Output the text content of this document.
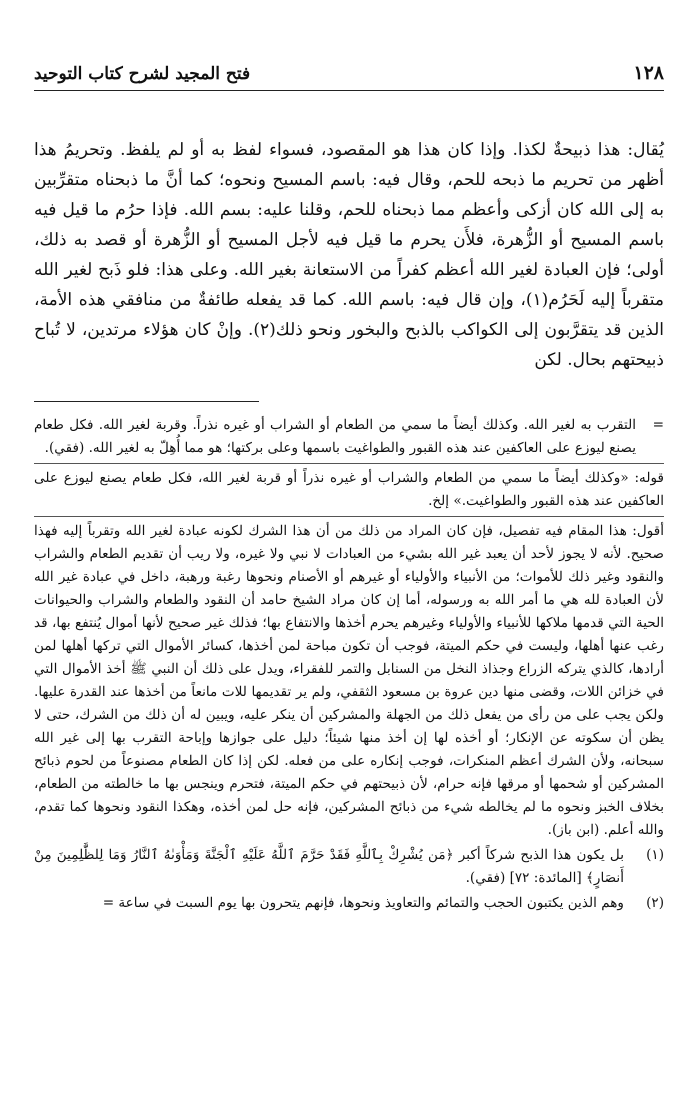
١٢٨
فتح المجيد لشرح كتاب التوحيد

يُقال: هذا ذبيحةٌ لكذا. وإذا كان هذا هو المقصود، فسواء لفظ به أو لم يلفظ. وتحريمُ هذا أظهر من تحريم ما ذبحه للحم، وقال فيه: باسم المسيح ونحوه؛ كما أنَّ ما ذبحناه متقرِّبين به إلى الله كان أزكى وأعظم مما ذبحناه للحم، وقلنا عليه: بسم الله. فإذا حرُم ما قيل فيه باسم المسيح أو الزُّهرة، فلأَن يحرم ما قيل فيه لأجل المسيح أو الزُّهرة أو قصد به ذلك، أولى؛ فإن العبادة لغير الله أعظم كفراً من الاستعانة بغير الله. وعلى هذا: فلو ذَبح لغير الله متقرباً إليه لَحَرُم(١)، وإن قال فيه: باسم الله. كما قد يفعله طائفةٌ من منافقي هذه الأمة، الذين قد يتقرَّبون إلى الكواكب بالذبح والبخور ونحو ذلك(٢). وإنْ كان هؤلاء مرتدين، لا تُباح ذبيحتهم بحال. لكن

=

التقرب به لغير الله. وكذلك أيضاً ما سمي من الطعام أو الشراب أو غيره نذراً. وقربة لغير الله. فكل طعام يصنع ليوزع على العاكفين عند هذه القبور والطواغيت باسمها وعلى بركتها؛ هو مما أُهِلّ به لغير الله. (فقي).

قوله: «وكذلك أيضاً ما سمي من الطعام والشراب أو غيره نذراً أو قربة لغير الله، فكل طعام يصنع ليوزع على العاكفين عند هذه القبور والطواغيت.» إلخ.

أقول: هذا المقام فيه تفصيل، فإن كان المراد من ذلك من أن هذا الشرك لكونه عبادة لغير الله وتقرباً إليه فهذا صحيح. لأنه لا يجوز لأحد أن يعبد غير الله بشيء من العبادات لا نبي ولا غيره، ولا ريب أن تقديم الطعام والشراب والنقود وغير ذلك للأموات؛ من الأنبياء والأولياء أو غيرهم أو الأصنام ونحوها رغبة ورهبة، داخل في عبادة غير الله لأن العبادة لله هي ما أمر الله به ورسوله، أما إن كان مراد الشيخ حامد أن النقود والطعام والشراب والحيوانات الحية التي قدمها ملاكها للأنبياء والأولياء وغيرهم يحرم أخذها والانتفاع بها؛ فذلك غير صحيح لأنها أموال يُنتفع بها، قد رغب عنها أهلها، وليست في حكم الميتة، فوجب أن تكون مباحة لمن أخذها، كسائر الأموال التي تركها أهلها لمن أرادها، كالذي يتركه الزراع وجذاذ النخل من السنابل والتمر للفقراء، ويدل على ذلك أن النبي ﷺ أخذ الأموال التي في خزائن اللات، وقضى منها دين عروة بن مسعود الثقفي، ولم ير تقديمها للات مانعاً من أخذها عند القدرة عليها. ولكن يجب على من رأى من يفعل ذلك من الجهلة والمشركين أن ينكر عليه، ويبين له أن ذلك من الشرك، حتى لا يظن أن سكوته عن الإنكار؛ أو أخذه لها إن أخذ منها شيئاً؛ دليل على جوازها وإباحة التقرب بها إلى غير الله سبحانه، ولأن الشرك أعظم المنكرات، فوجب إنكاره على من فعله. لكن إذا كان الطعام مصنوعاً من لحوم ذبائح المشركين أو شحمها أو مرقها فإنه حرام، لأن ذبيحتهم في حكم الميتة، فتحرم وينجس بها ما خالطته من الطعام، بخلاف الخبز ونحوه ما لم يخالطه شيء من ذبائح المشركين، فإنه حل لمن أخذه، وهكذا النقود ونحوها كما تقدم، والله أعلم. (ابن باز).

(١)

بل يكون هذا الذبح شركاً أكبر ﴿مَن يُشْرِكْ بِٱللَّهِ فَقَدْ حَرَّمَ ٱللَّهُ عَلَيْهِ ٱلْجَنَّةَ وَمَأْوَىٰهُ ٱلنَّارُ وَمَا لِلظَّٰلِمِينَ مِنْ أَنصَارٍ﴾ [المائدة: ٧٢] (فقي).

(٢)

وهم الذين يكتبون الحجب والتمائم والتعاويذ ونحوها، فإنهم يتحرون بها يوم السبت في ساعة =
